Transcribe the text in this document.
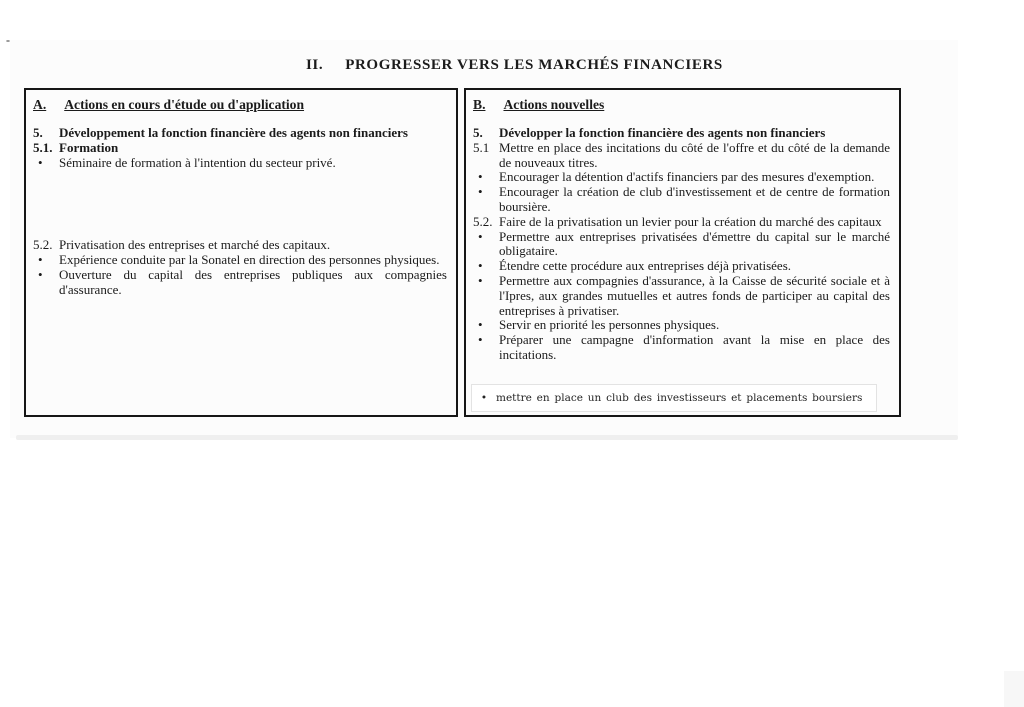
-
II. PROGRESSER VERS LES MARCHÉS FINANCIERS
A. Actions en cours d'étude ou d'application
5. Développement la fonction financière des agents non financiers
5.1. Formation
• Séminaire de formation à l'intention du secteur privé.
5.2. Privatisation des entreprises et marché des capitaux.
• Expérience conduite par la Sonatel en direction des personnes physiques.
• Ouverture du capital des entreprises publiques aux compagnies d'assurance.
B. Actions nouvelles
5. Développer la fonction financière des agents non financiers
5.1 Mettre en place des incitations du côté de l'offre et du côté de la demande de nouveaux titres.
• Encourager la détention d'actifs financiers par des mesures d'exemption.
• Encourager la création de club d'investissement et de centre de formation boursière.
5.2. Faire de la privatisation un levier pour la création du marché des capitaux
• Permettre aux entreprises privatisées d'émettre du capital sur le marché obligataire.
• Étendre cette procédure aux entreprises déjà privatisées.
• Permettre aux compagnies d'assurance, à la Caisse de sécurité sociale et à l'Ipres, aux grandes mutuelles et autres fonds de participer au capital des entreprises à privatiser.
• Servir en priorité les personnes physiques.
• Préparer une campagne d'information avant la mise en place des incitations.
• mettre en place un club des investisseurs et placements boursiers
